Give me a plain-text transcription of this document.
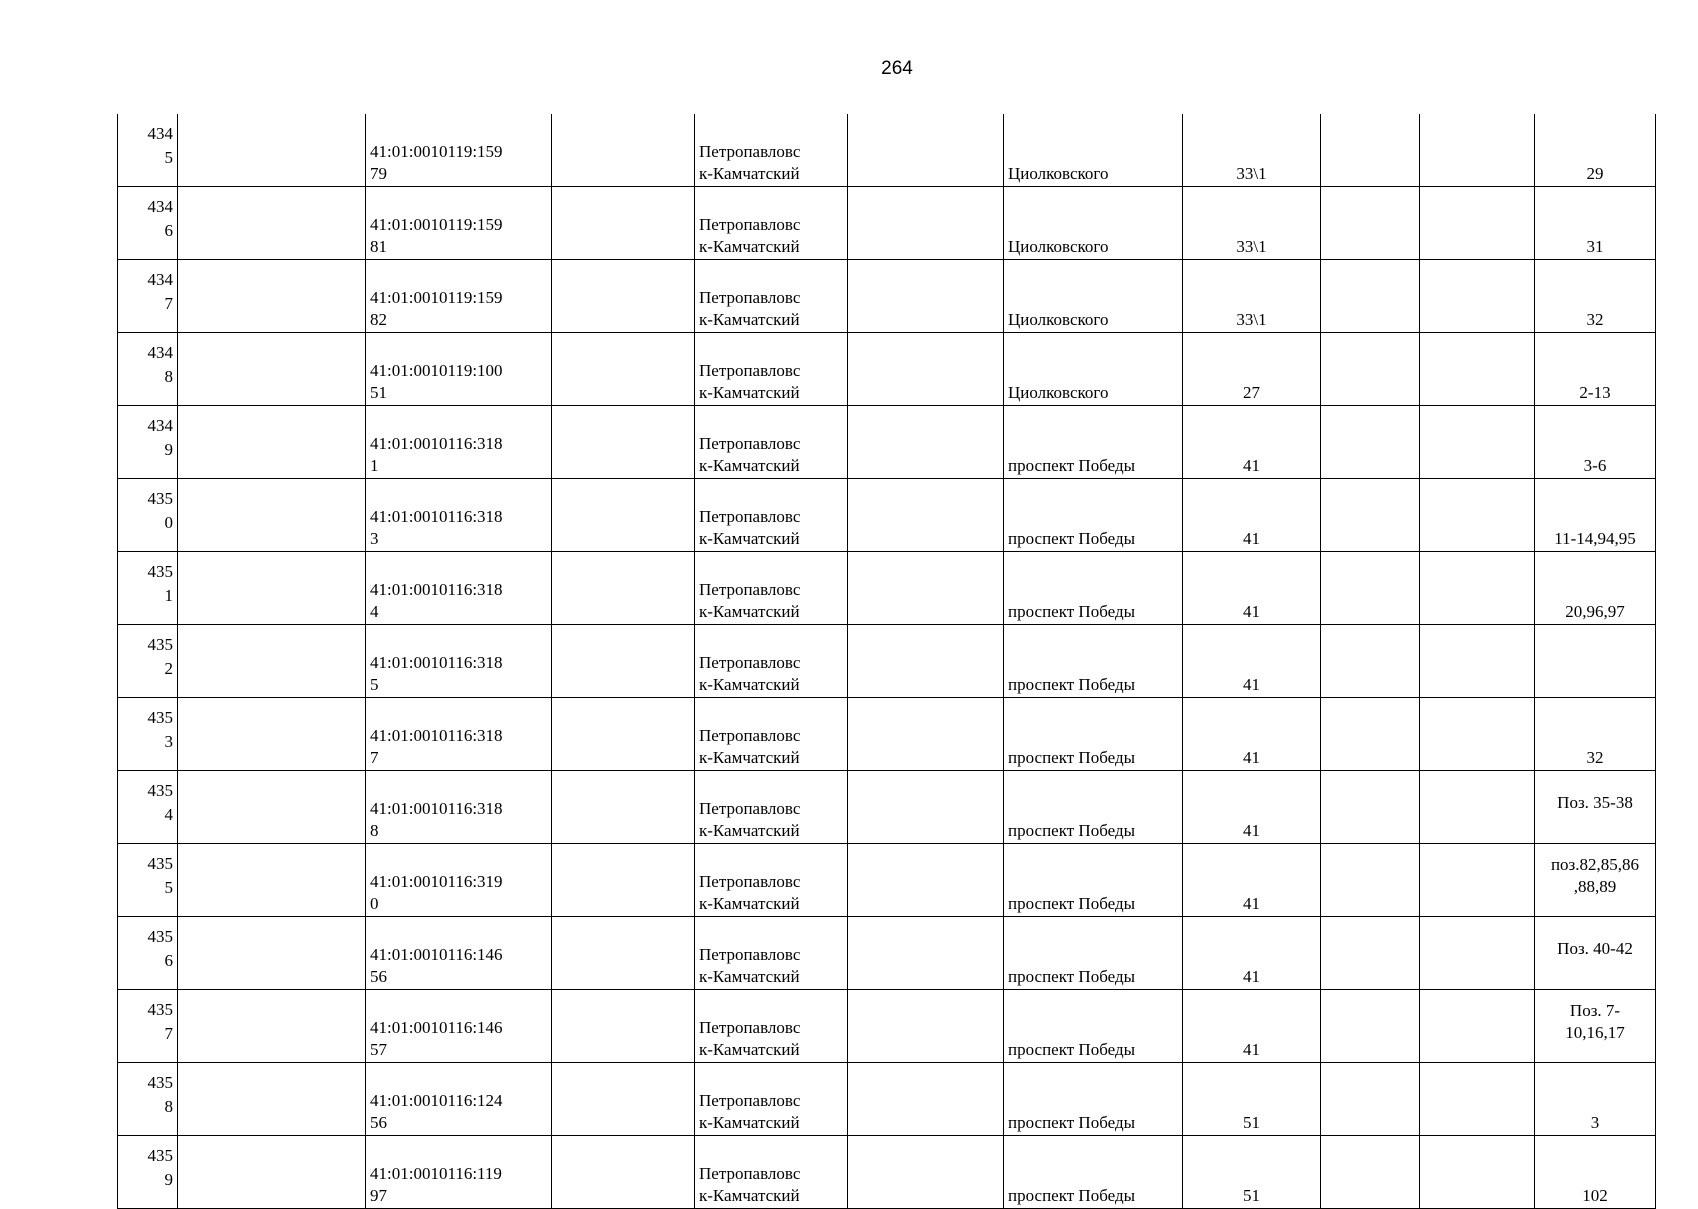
264
434
5		41:01:0010119:159
79		Петропавловс
к-Камчатский		Циолковского	33\1			29

434
6		41:01:0010119:159
81		Петропавловс
к-Камчатский		Циолковского	33\1			31

434
7		41:01:0010119:159
82		Петропавловс
к-Камчатский		Циолковского	33\1			32

434
8		41:01:0010119:100
51		Петропавловс
к-Камчатский		Циолковского	27			2-13

434
9		41:01:0010116:318
1		Петропавловс
к-Камчатский		проспект Победы	41			3-6

435
0		41:01:0010116:318
3		Петропавловс
к-Камчатский		проспект Победы	41			11-14,94,95

435
1		41:01:0010116:318
4		Петропавловс
к-Камчатский		проспект Победы	41			20,96,97

435
2		41:01:0010116:318
5		Петропавловс
к-Камчатский		проспект Победы	41			

435
3		41:01:0010116:318
7		Петропавловс
к-Камчатский		проспект Победы	41			32

435
4		41:01:0010116:318
8		Петропавловс
к-Камчатский		проспект Победы	41			Поз. 35-38

435
5		41:01:0010116:319
0		Петропавловс
к-Камчатский		проспект Победы	41			поз.82,85,86
,88,89

435
6		41:01:0010116:146
56		Петропавловс
к-Камчатский		проспект Победы	41			Поз. 40-42

435
7		41:01:0010116:146
57		Петропавловс
к-Камчатский		проспект Победы	41			Поз. 7-
10,16,17

435
8		41:01:0010116:124
56		Петропавловс
к-Камчатский		проспект Победы	51			3

435
9		41:01:0010116:119
97		Петропавловс
к-Камчатский		проспект Победы	51			102
